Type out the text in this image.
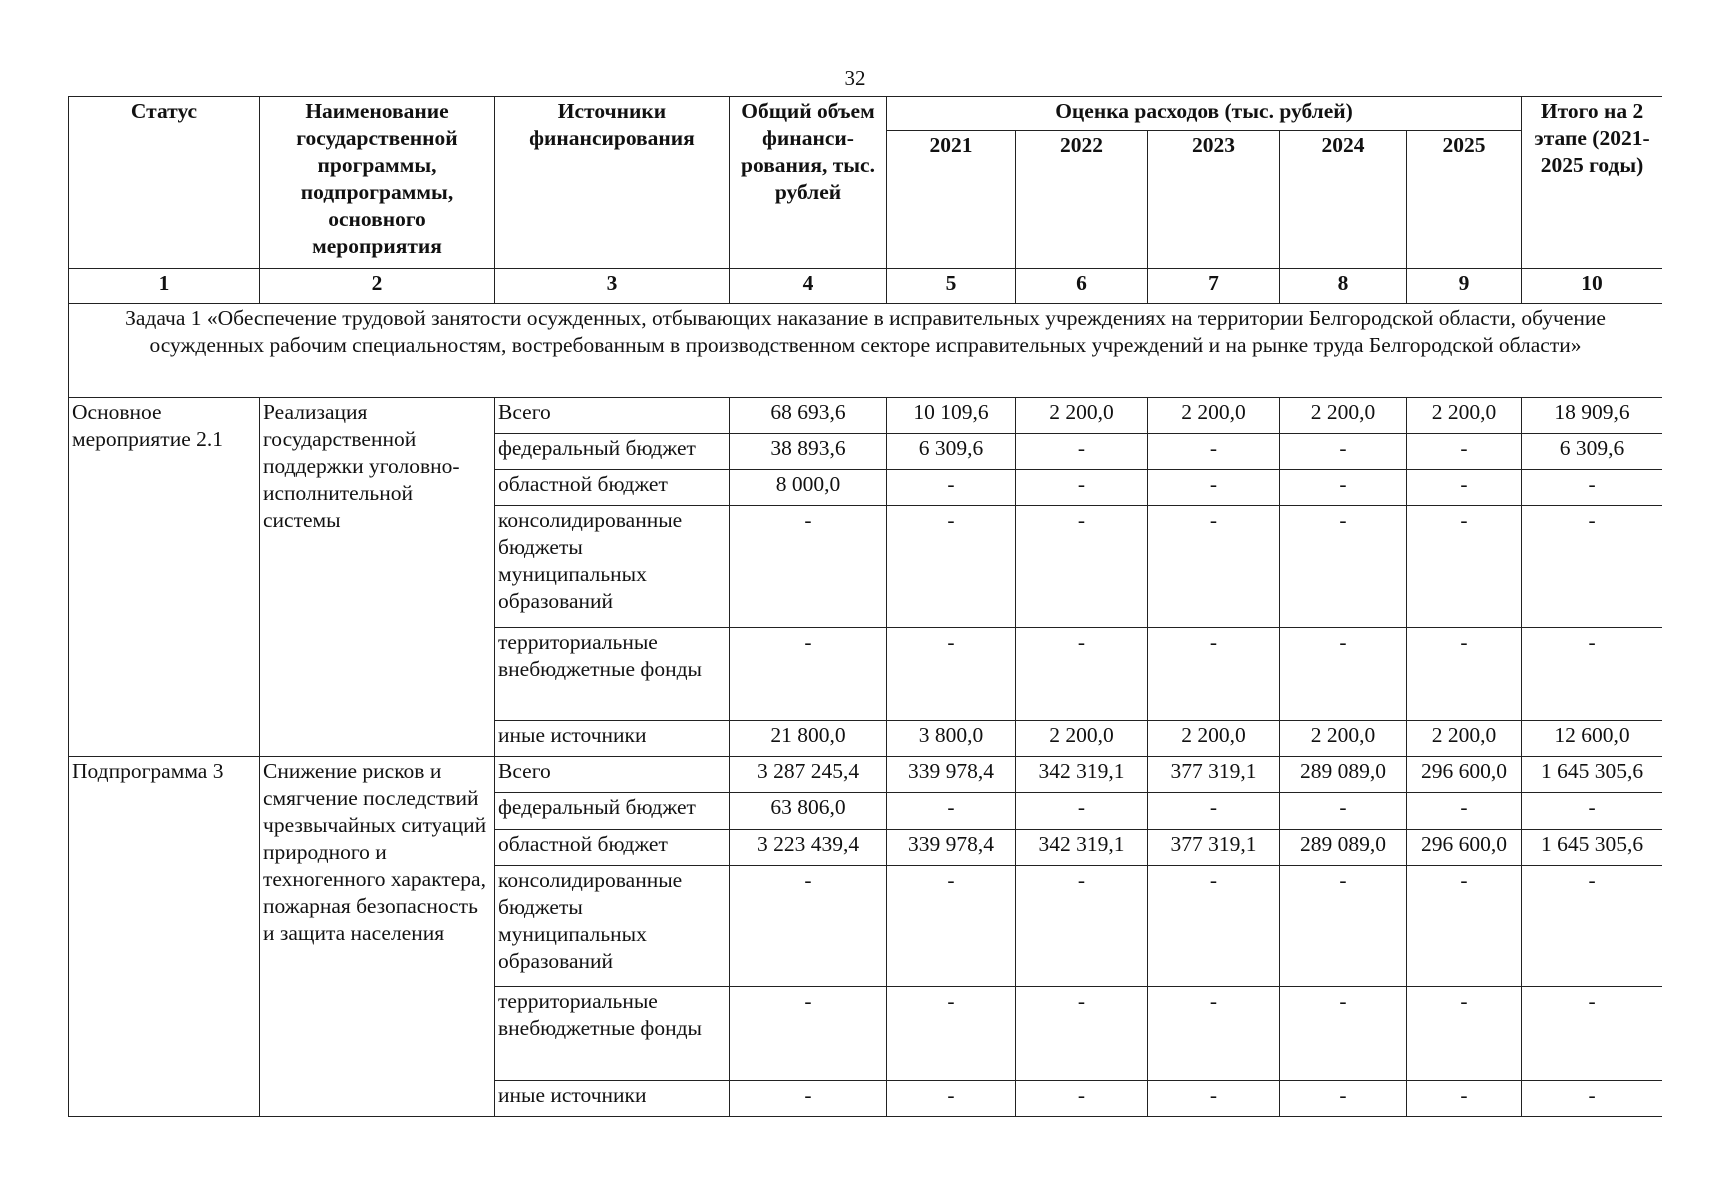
32
Статус	Наименование государственной программы, подпрограммы, основного мероприятия	Источники финансирования	Общий объем финанси-рования, тыс. рублей	Оценка расходов (тыс. рублей)					Итого на 2 этапе (2021-2025 годы)
				2021	2022	2023	2024	2025	
1	2	3	4	5	6	7	8	9	10
Задача 1 «Обеспечение трудовой занятости осужденных, отбывающих наказание в исправительных учреждениях на территории Белгородской области, обучение осужденных рабочим специальностям, востребованным в производственном секторе исправительных учреждений и на рынке труда Белгородской области»									
Основное мероприятие 2.1	Реализация государственной поддержки уголовно-исполнительной системы	Всего	68 693,6	10 109,6	2 200,0	2 200,0	2 200,0	2 200,0	18 909,6
		федеральный бюджет	38 893,6	6 309,6	-	-	-	-	6 309,6
		областной бюджет	8 000,0	-	-	-	-	-	-
		консолидированные бюджеты муниципальных образований	-	-	-	-	-	-	-
		территориальные внебюджетные фонды	-	-	-	-	-	-	-
		иные источники	21 800,0	3 800,0	2 200,0	2 200,0	2 200,0	2 200,0	12 600,0
Подпрограмма 3	Снижение рисков и смягчение последствий чрезвычайных ситуаций природного и техногенного характера, пожарная безопасность и защита населения	Всего	3 287 245,4	339 978,4	342 319,1	377 319,1	289 089,0	296 600,0	1 645 305,6
		федеральный бюджет	63 806,0	-	-	-	-	-	-
		областной бюджет	3 223 439,4	339 978,4	342 319,1	377 319,1	289 089,0	296 600,0	1 645 305,6
		консолидированные бюджеты муниципальных образований	-	-	-	-	-	-	-
		территориальные внебюджетные фонды	-	-	-	-	-	-	-
		иные источники	-	-	-	-	-	-	-
